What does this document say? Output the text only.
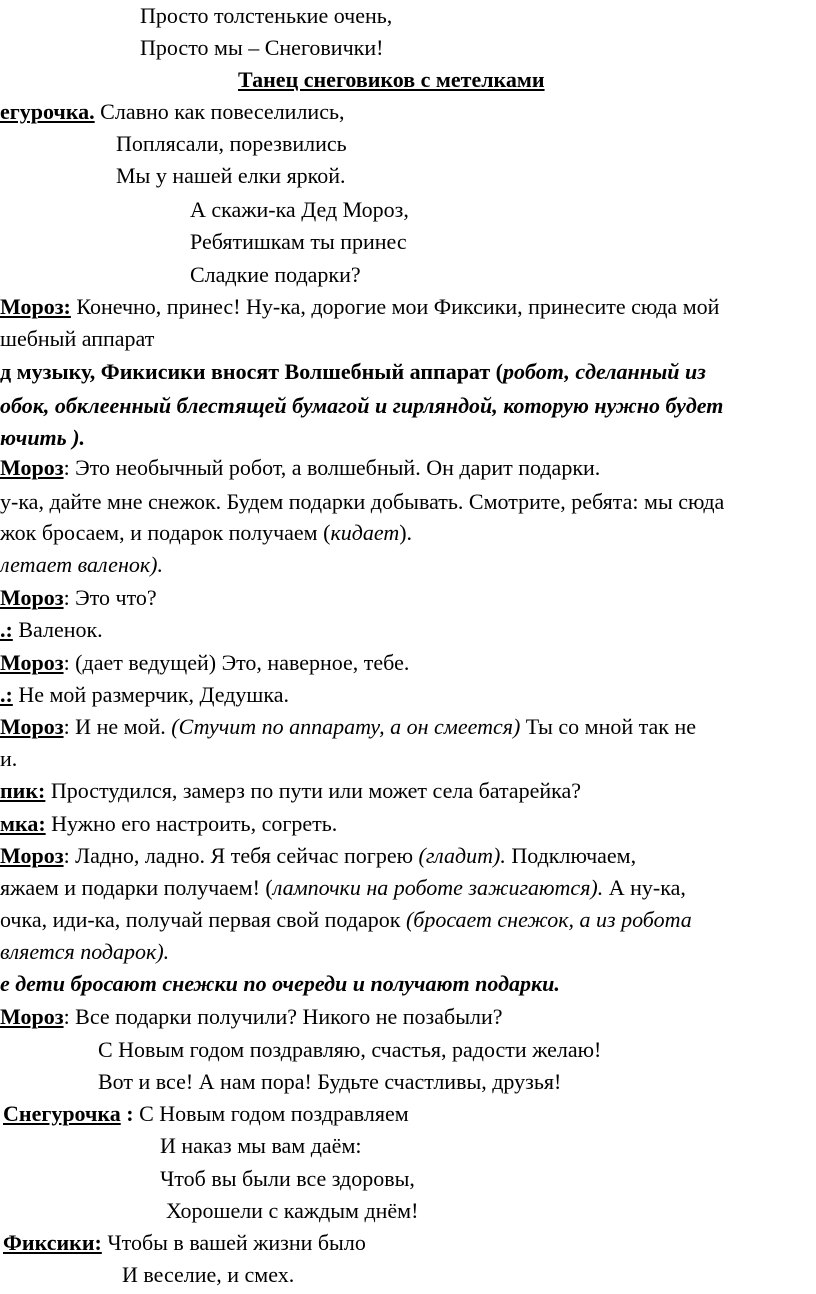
Просто толстенькие очень,
Просто мы – Снеговички!
Танец снеговиков с метелками
егурочка. Славно как повеселились,
Поплясали, порезвились
Мы у нашей елки яркой.
А скажи-ка Дед Мороз,
Ребятишкам ты принес
Сладкие подарки?
Мороз: Конечно, принес! Ну-ка, дорогие мои Фиксики, принесите сюда мой
шебный аппарат
д музыку, Фикисики вносят Волшебный аппарат (робот, сделанный из
обок, обклеенный блестящей бумагой и гирляндой, которую нужно будет
ючить ).
Мороз: Это необычный робот, а волшебный. Он дарит подарки.
у-ка, дайте мне снежок. Будем подарки добывать. Смотрите, ребята: мы сюда
жок бросаем, и подарок получаем (кидает).
летает валенок).
Мороз: Это что?
.: Валенок.
Мороз: (дает ведущей) Это, наверное, тебе.
.: Не мой размерчик, Дедушка.
Мороз: И не мой. (Стучит по аппарату, а он смеется) Ты со мной так не
и.
пик: Простудился, замерз по пути или может села батарейка?
мка: Нужно его настроить, согреть.
Мороз: Ладно, ладно. Я тебя сейчас погрею (гладит). Подключаем,
яжаем и подарки получаем! (лампочки на роботе зажигаются). А ну-ка,
очка, иди-ка, получай первая свой подарок (бросает снежок, а из робота
вляется подарок).
е дети бросают снежки по очереди и получают подарки.
Мороз: Все подарки получили? Никого не позабыли?
С Новым годом поздравляю, счастья, радости желаю!
Вот и все! А нам пора! Будьте счастливы, друзья!
Снегурочка : С Новым годом поздравляем
И наказ мы вам даём:
Чтоб вы были все здоровы,
Хорошели с каждым днём!
Фиксики: Чтобы в вашей жизни было
И веселие, и смех.
